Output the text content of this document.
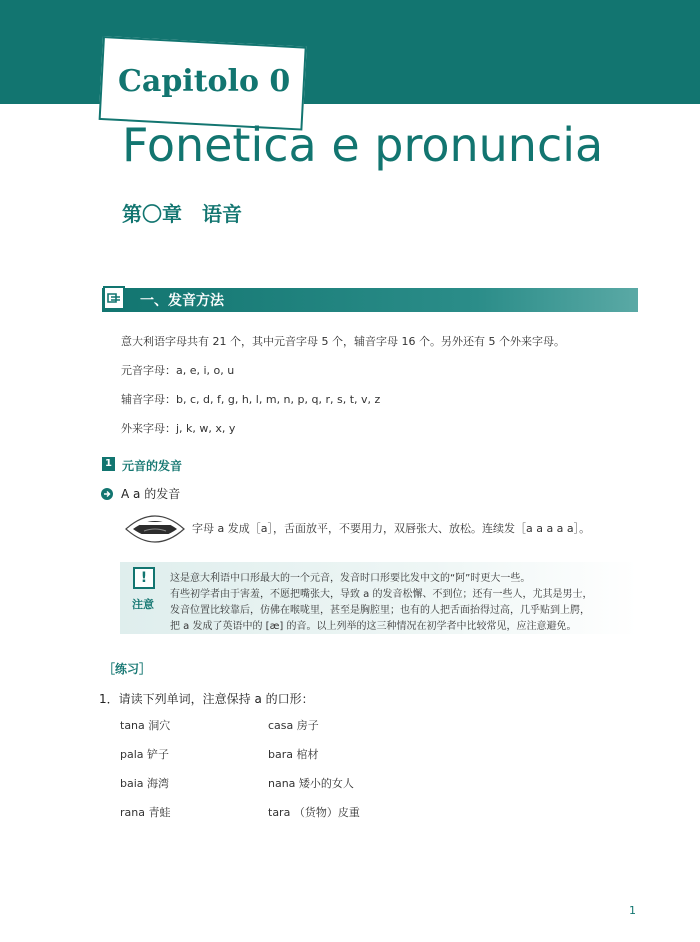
Capitolo 0
Fonetica e pronuncia
第〇章　语音
一、发音方法
意大利语字母共有 21 个，其中元音字母 5 个，辅音字母 16 个。另外还有 5 个外来字母。
元音字母：a, e, i, o, u
辅音字母：b, c, d, f, g, h, l, m, n, p, q, r, s, t, v, z
外来字母：j, k, w, x, y
1 元音的发音
A a 的发音
字母 a 发成［a］，舌面放平，不要用力，双唇张大、放松。连续发［a a a a a］。
!
注意
这是意大利语中口形最大的一个元音，发音时口形要比发中文的“阿”时更大一些。
有些初学者由于害羞，不愿把嘴张大，导致 a 的发音松懈、不到位；还有一些人，尤其是男士，
发音位置比较靠后，仿佛在喉咙里，甚至是胸腔里；也有的人把舌面抬得过高，几乎贴到上腭，
把 a 发成了英语中的 [æ] 的音。以上列举的这三种情况在初学者中比较常见，应注意避免。
［练习］
1．请读下列单词，注意保持 a 的口形：
tana 洞穴
pala 铲子
baia 海湾
rana 青蛙
casa 房子
bara 棺材
nana 矮小的女人
tara （货物）皮重
1
